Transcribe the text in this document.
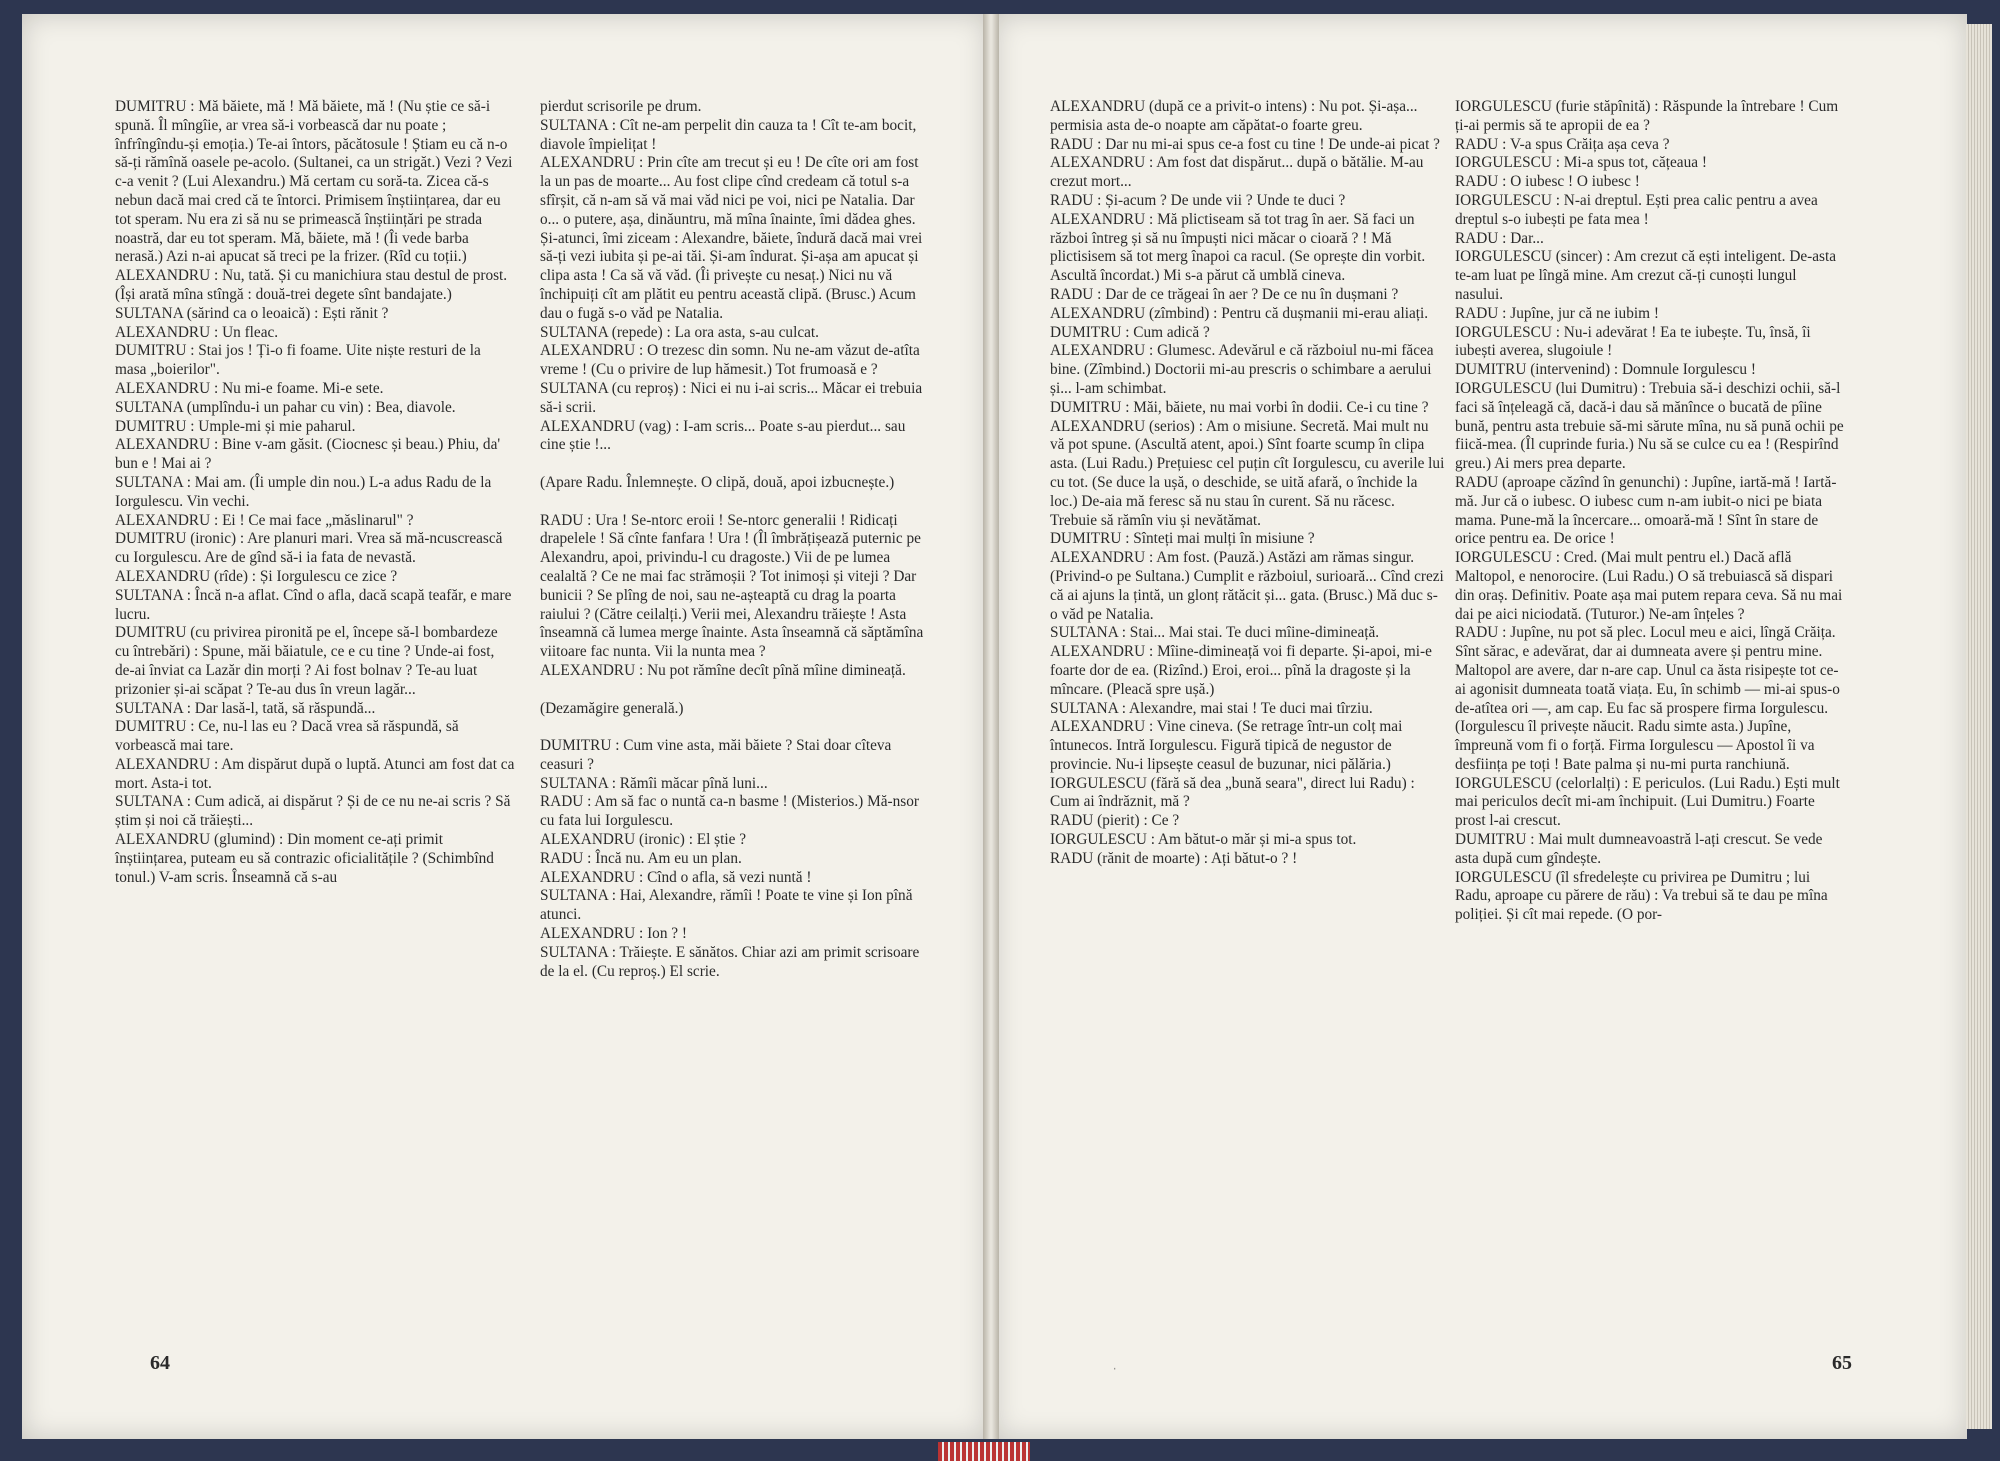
DUMITRU : Mă băiete, mă ! Mă băiete, mă ! (Nu știe ce să-i spună. Îl mîngîie, ar vrea să-i vorbească dar nu poate ; înfrîngîndu-și emoția.) Te-ai întors, păcătosule ! Știam eu că n-o să-ți rămînă oasele pe-acolo. (Sultanei, ca un strigăt.) Vezi ? Vezi c-a venit ? (Lui Alexandru.) Mă certam cu soră-ta. Zicea că-s nebun dacă mai cred că te întorci. Primisem înștiințarea, dar eu tot speram. Nu era zi să nu se primească înștiințări pe strada noastră, dar eu tot speram. Mă, băiete, mă ! (Îi vede barba nerasă.) Azi n-ai apucat să treci pe la frizer. (Rîd cu toții.)

ALEXANDRU : Nu, tată. Și cu manichiura stau destul de prost. (Își arată mîna stîngă : două-trei degete sînt bandajate.)

SULTANA (sărind ca o leoaică) : Ești rănit ?

ALEXANDRU : Un fleac.

DUMITRU : Stai jos ! Ți-o fi foame. Uite niște resturi de la masa „boierilor".

ALEXANDRU : Nu mi-e foame. Mi-e sete.

SULTANA (umplîndu-i un pahar cu vin) : Bea, diavole.

DUMITRU : Umple-mi și mie paharul.

ALEXANDRU : Bine v-am găsit. (Ciocnesc și beau.) Phiu, da' bun e ! Mai ai ?

SULTANA : Mai am. (Îi umple din nou.) L-a adus Radu de la Iorgulescu. Vin vechi.

ALEXANDRU : Ei ! Ce mai face „măslinarul" ?

DUMITRU (ironic) : Are planuri mari. Vrea să mă-ncuscrească cu Iorgulescu. Are de gînd să-i ia fata de nevastă.

ALEXANDRU (rîde) : Și Iorgulescu ce zice ?

SULTANA : Încă n-a aflat. Cînd o afla, dacă scapă teafăr, e mare lucru.

DUMITRU (cu privirea pironită pe el, începe să-l bombardeze cu întrebări) : Spune, măi băiatule, ce e cu tine ? Unde-ai fost, de-ai înviat ca Lazăr din morți ? Ai fost bolnav ? Te-au luat prizonier și-ai scăpat ? Te-au dus în vreun lagăr...

SULTANA : Dar lasă-l, tată, să răspundă...

DUMITRU : Ce, nu-l las eu ? Dacă vrea să răspundă, să vorbească mai tare.

ALEXANDRU : Am dispărut după o luptă. Atunci am fost dat ca mort. Asta-i tot.

SULTANA : Cum adică, ai dispărut ? Și de ce nu ne-ai scris ? Să știm și noi că trăiești...

ALEXANDRU (glumind) : Din moment ce-ați primit înștiințarea, puteam eu să contrazic oficialitățile ? (Schimbînd tonul.) V-am scris. Înseamnă că s-au

pierdut scrisorile pe drum.

SULTANA : Cît ne-am perpelit din cauza ta ! Cît te-am bocit, diavole împielițat !

ALEXANDRU : Prin cîte am trecut și eu ! De cîte ori am fost la un pas de moarte... Au fost clipe cînd credeam că totul s-a sfîrșit, că n-am să vă mai văd nici pe voi, nici pe Natalia. Dar o... o putere, așa, dinăuntru, mă mîna înainte, îmi dădea ghes. Și-atunci, îmi ziceam : Alexandre, băiete, îndură dacă mai vrei să-ți vezi iubita și pe-ai tăi. Și-am îndurat. Și-așa am apucat și clipa asta ! Ca să vă văd. (Îi privește cu nesaț.) Nici nu vă închipuiți cît am plătit eu pentru această clipă. (Brusc.) Acum dau o fugă s-o văd pe Natalia.

SULTANA (repede) : La ora asta, s-au culcat.

ALEXANDRU : O trezesc din somn. Nu ne-am văzut de-atîta vreme ! (Cu o privire de lup hămesit.) Tot frumoasă e ?

SULTANA (cu reproș) : Nici ei nu i-ai scris... Măcar ei trebuia să-i scrii.

ALEXANDRU (vag) : I-am scris... Poate s-au pierdut... sau cine știe !...

(Apare Radu. Înlemnește. O clipă, două, apoi izbucnește.)

RADU : Ura ! Se-ntorc eroii ! Se-ntorc generalii ! Ridicați drapelele ! Să cînte fanfara ! Ura ! (Îl îmbrățișează puternic pe Alexandru, apoi, privindu-l cu dragoste.) Vii de pe lumea cealaltă ? Ce ne mai fac strămoșii ? Tot inimoși și viteji ? Dar bunicii ? Se plîng de noi, sau ne-așteaptă cu drag la poarta raiului ? (Către ceilalți.) Verii mei, Alexandru trăiește ! Asta înseamnă că lumea merge înainte. Asta înseamnă că săptămîna viitoare fac nunta. Vii la nunta mea ?

ALEXANDRU : Nu pot rămîne decît pînă mîine dimineață.

(Dezamăgire generală.)

DUMITRU : Cum vine asta, măi băiete ? Stai doar cîteva ceasuri ?

SULTANA : Rămîi măcar pînă luni...

RADU : Am să fac o nuntă ca-n basme ! (Misterios.) Mă-nsor cu fata lui Iorgulescu.

ALEXANDRU (ironic) : El știe ?

RADU : Încă nu. Am eu un plan.

ALEXANDRU : Cînd o afla, să vezi nuntă !

SULTANA : Hai, Alexandre, rămîi ! Poate te vine și Ion pînă atunci.

ALEXANDRU : Ion ? !

SULTANA : Trăiește. E sănătos. Chiar azi am primit scrisoare de la el. (Cu reproș.) El scrie.

ALEXANDRU (după ce a privit-o intens) : Nu pot. Și-așa... permisia asta de-o noapte am căpătat-o foarte greu.

RADU : Dar nu mi-ai spus ce-a fost cu tine ! De unde-ai picat ?

ALEXANDRU : Am fost dat dispărut... după o bătălie. M-au crezut mort...

RADU : Și-acum ? De unde vii ? Unde te duci ?

ALEXANDRU : Mă plictiseam să tot trag în aer. Să faci un război întreg și să nu împuști nici măcar o cioară ? ! Mă plictisisem să tot merg înapoi ca racul. (Se oprește din vorbit. Ascultă încordat.) Mi s-a părut că umblă cineva.

RADU : Dar de ce trăgeai în aer ? De ce nu în dușmani ?

ALEXANDRU (zîmbind) : Pentru că dușmanii mi-erau aliați.

DUMITRU : Cum adică ?

ALEXANDRU : Glumesc. Adevărul e că războiul nu-mi făcea bine. (Zîmbind.) Doctorii mi-au prescris o schimbare a aerului și... l-am schimbat.

DUMITRU : Măi, băiete, nu mai vorbi în dodii. Ce-i cu tine ?

ALEXANDRU (serios) : Am o misiune. Secretă. Mai mult nu vă pot spune. (Ascultă atent, apoi.) Sînt foarte scump în clipa asta. (Lui Radu.) Prețuiesc cel puțin cît Iorgulescu, cu averile lui cu tot. (Se duce la ușă, o deschide, se uită afară, o închide la loc.) De-aia mă feresc să nu stau în curent. Să nu răcesc. Trebuie să rămîn viu și nevătămat.

DUMITRU : Sînteți mai mulți în misiune ?

ALEXANDRU : Am fost. (Pauză.) Astăzi am rămas singur. (Privind-o pe Sultana.) Cumplit e războiul, surioară... Cînd crezi că ai ajuns la țintă, un glonț rătăcit și... gata. (Brusc.) Mă duc s-o văd pe Natalia.

SULTANA : Stai... Mai stai. Te duci mîine-dimineață.

ALEXANDRU : Mîine-dimineață voi fi departe. Și-apoi, mi-e foarte dor de ea. (Rizînd.) Eroi, eroi... pînă la dragoste și la mîncare. (Pleacă spre ușă.)

SULTANA : Alexandre, mai stai ! Te duci mai tîrziu.

ALEXANDRU : Vine cineva. (Se retrage într-un colț mai întunecos. Intră Iorgulescu. Figură tipică de negustor de provincie. Nu-i lipsește ceasul de buzunar, nici pălăria.)

IORGULESCU (fără să dea „bună seara", direct lui Radu) : Cum ai îndrăznit, mă ?

RADU (pierit) : Ce ?

IORGULESCU : Am bătut-o măr și mi-a spus tot.

RADU (rănit de moarte) : Ați bătut-o ? !

IORGULESCU (furie stăpînită) : Răspunde la întrebare ! Cum ți-ai permis să te apropii de ea ?

RADU : V-a spus Crăița așa ceva ?

IORGULESCU : Mi-a spus tot, cățeaua !

RADU : O iubesc ! O iubesc !

IORGULESCU : N-ai dreptul. Ești prea calic pentru a avea dreptul s-o iubești pe fata mea !

RADU : Dar...

IORGULESCU (sincer) : Am crezut că ești inteligent. De-asta te-am luat pe lîngă mine. Am crezut că-ți cunoști lungul nasului.

RADU : Jupîne, jur că ne iubim !

IORGULESCU : Nu-i adevărat ! Ea te iubește. Tu, însă, îi iubești averea, slugoiule !

DUMITRU (intervenind) : Domnule Iorgulescu !

IORGULESCU (lui Dumitru) : Trebuia să-i deschizi ochii, să-l faci să înțeleagă că, dacă-i dau să mănînce o bucată de pîine bună, pentru asta trebuie să-mi sărute mîna, nu să pună ochii pe fiică-mea. (Îl cuprinde furia.) Nu să se culce cu ea ! (Respirînd greu.) Ai mers prea departe.

RADU (aproape căzînd în genunchi) : Jupîne, iartă-mă ! Iartă-mă. Jur că o iubesc. O iubesc cum n-am iubit-o nici pe biata mama. Pune-mă la încercare... omoară-mă ! Sînt în stare de orice pentru ea. De orice !

IORGULESCU : Cred. (Mai mult pentru el.) Dacă află Maltopol, e nenorocire. (Lui Radu.) O să trebuiască să dispari din oraș. Definitiv. Poate așa mai putem repara ceva. Să nu mai dai pe aici niciodată. (Tuturor.) Ne-am înțeles ?

RADU : Jupîne, nu pot să plec. Locul meu e aici, lîngă Crăița. Sînt sărac, e adevărat, dar ai dumneata avere și pentru mine. Maltopol are avere, dar n-are cap. Unul ca ăsta risipește tot ce-ai agonisit dumneata toată viața. Eu, în schimb — mi-ai spus-o de-atîtea ori —, am cap. Eu fac să prospere firma Iorgulescu. (Iorgulescu îl privește năucit. Radu simte asta.) Jupîne, împreună vom fi o forță. Firma Iorgulescu — Apostol îi va desființa pe toți ! Bate palma și nu-mi purta ranchiună.

IORGULESCU (celorlalți) : E periculos. (Lui Radu.) Ești mult mai periculos decît mi-am închipuit. (Lui Dumitru.) Foarte prost l-ai crescut.

DUMITRU : Mai mult dumneavoastră l-ați crescut. Se vede asta după cum gîndește.

IORGULESCU (îl sfredelește cu privirea pe Dumitru ; lui Radu, aproape cu părere de rău) : Va trebui să te dau pe mîna poliției. Și cît mai repede. (O por-

64	65
ˌ
